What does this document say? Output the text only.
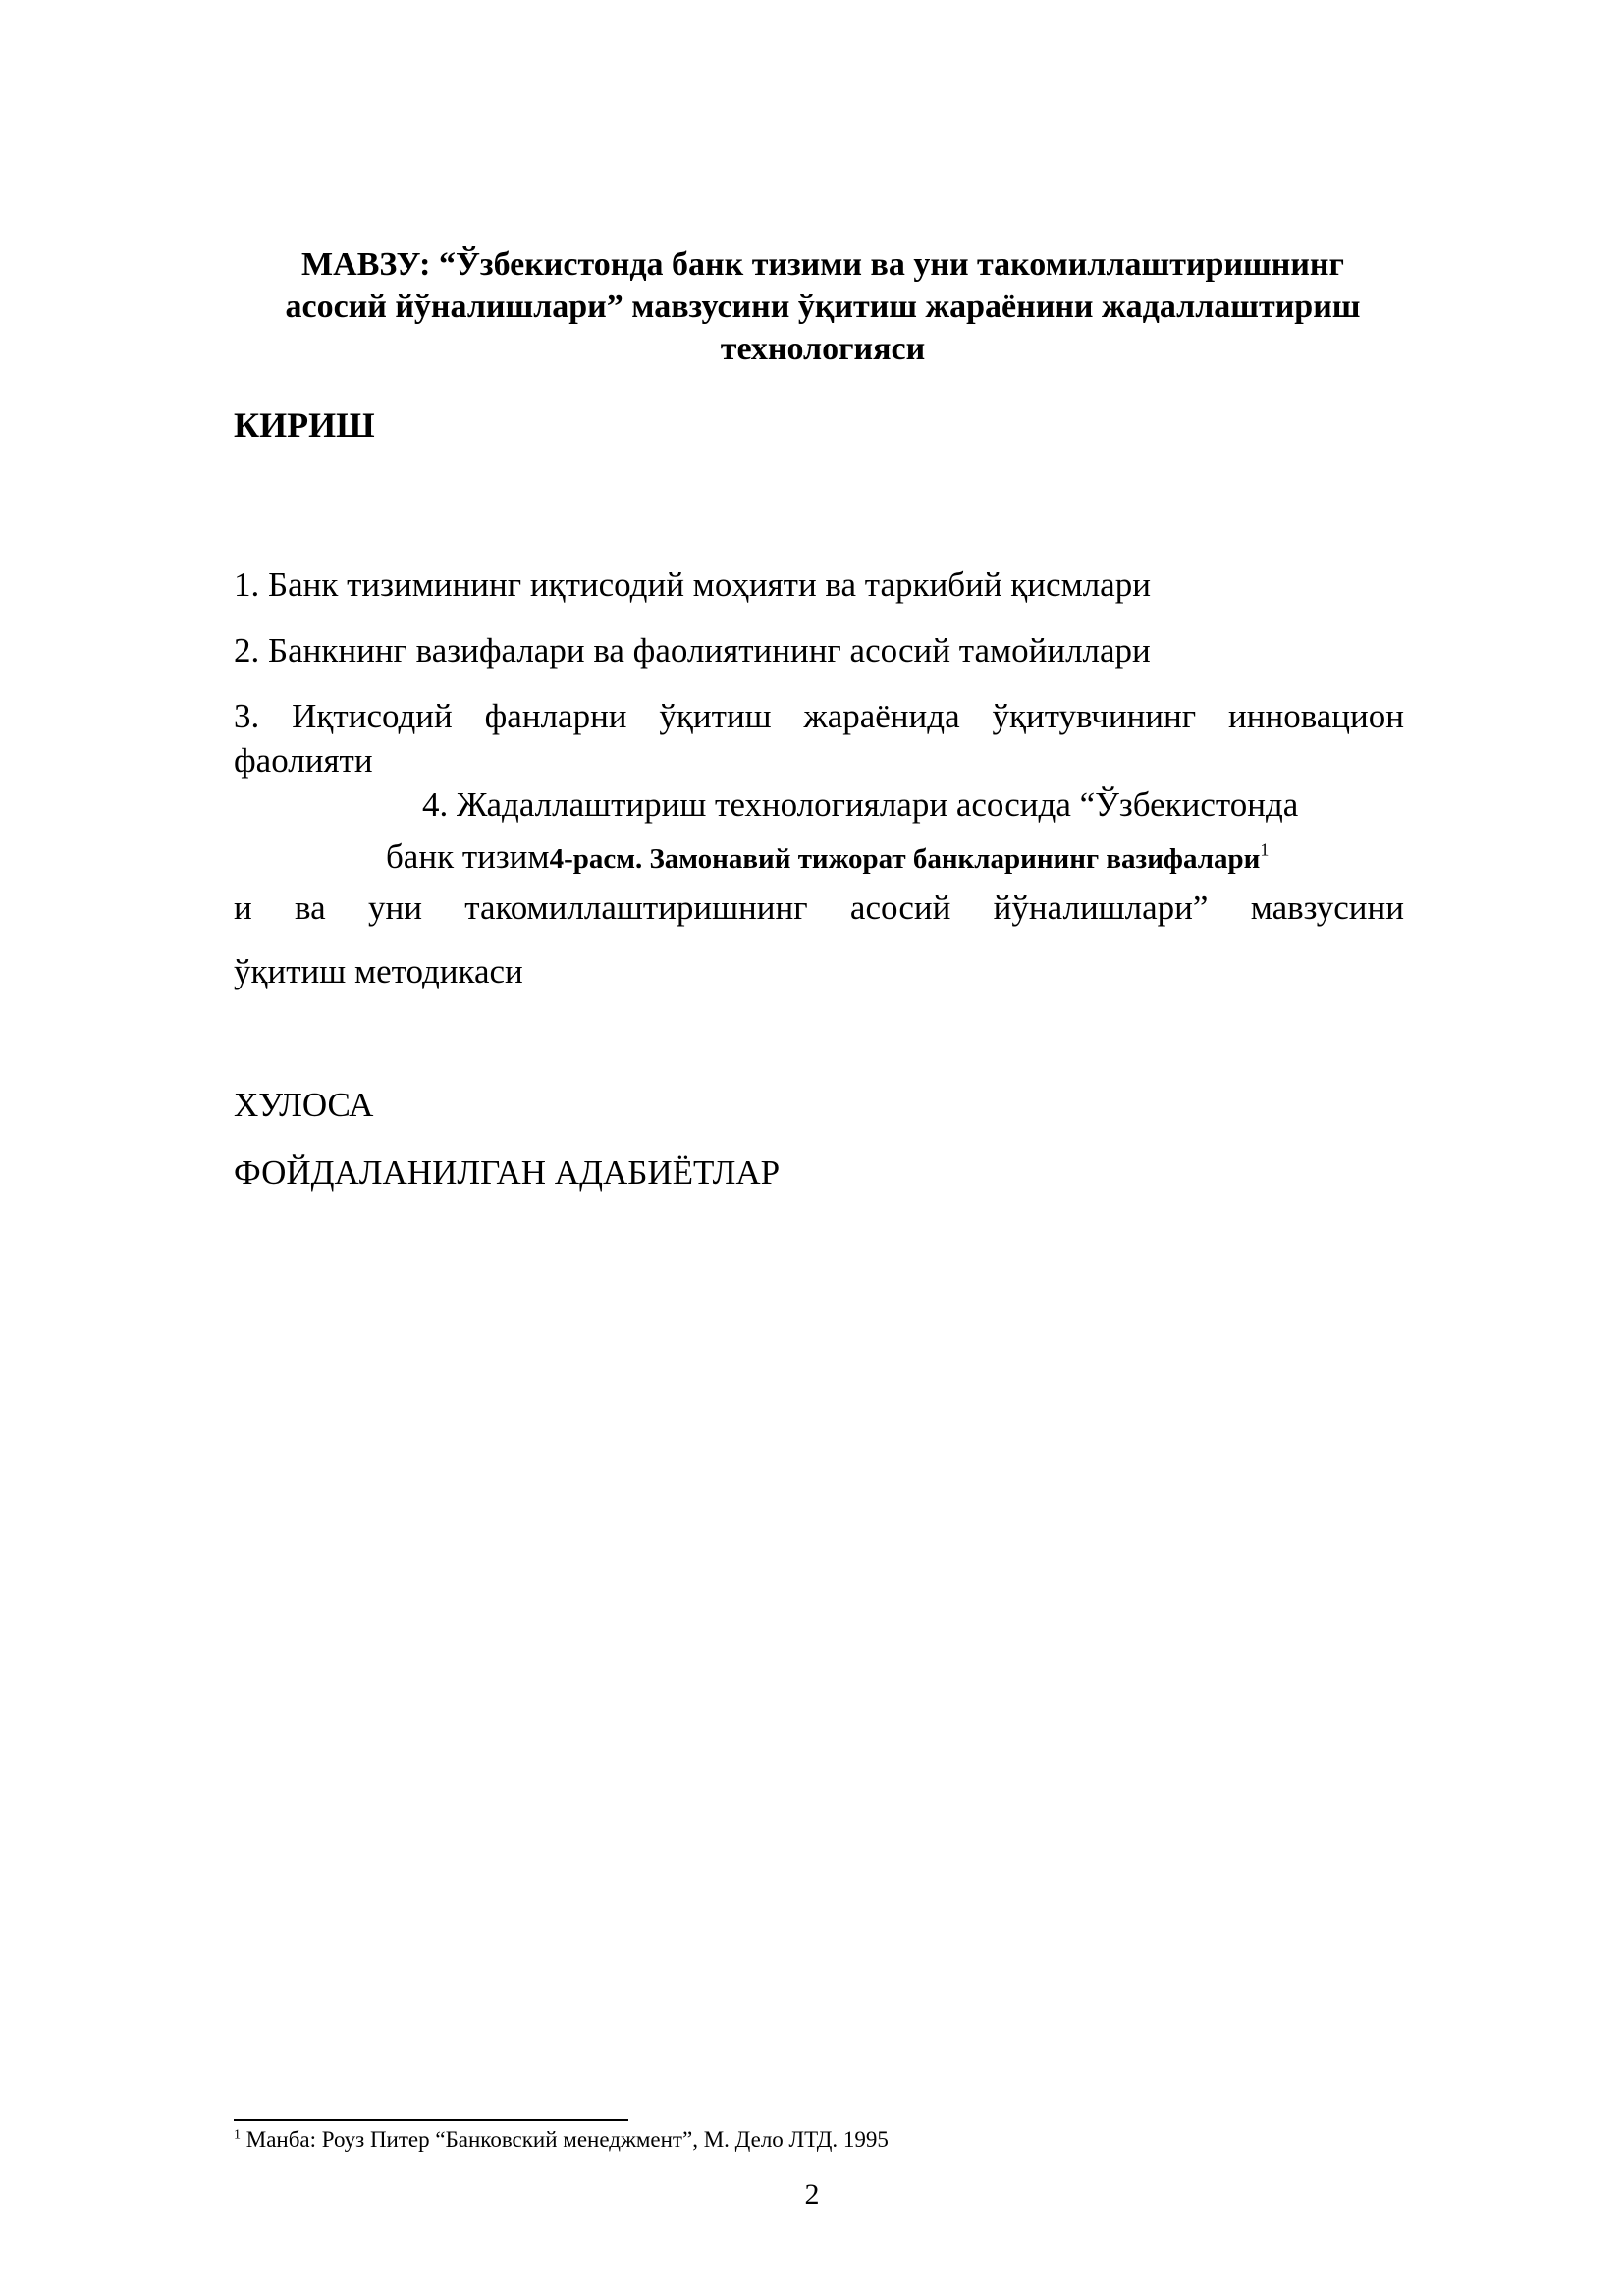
МАВЗУ: “Ўзбекистонда банк тизими ва уни такомиллаштиришнинг
асосий йўналишлари” мавзусини ўқитиш жараёнини жадаллаштириш
технологияси
КИРИШ
1. Банк тизимининг иқтисодий моҳияти ва таркибий қисмлари
2. Банкнинг вазифалари ва фаолиятининг асосий тамойиллари
3. Иқтисодий фанларни ўқитиш жараёнида ўқитувчининг инновацион
фаолияти
4. Жадаллаштириш технологиялари асосида “Ўзбекистонда
банк тизим4-расм. Замонавий тижорат банкларининг вазифалари$^1$
и ва уни такомиллаштиришнинг асосий йўналишлари” мавзусини
ўқитиш методикаси
ХУЛОСА
ФОЙДАЛАНИЛГАН АДАБИЁТЛАР
$^1$ Манба: Роуз Питер “Банковский менеджмент”, М. Дело ЛТД. 1995
2
